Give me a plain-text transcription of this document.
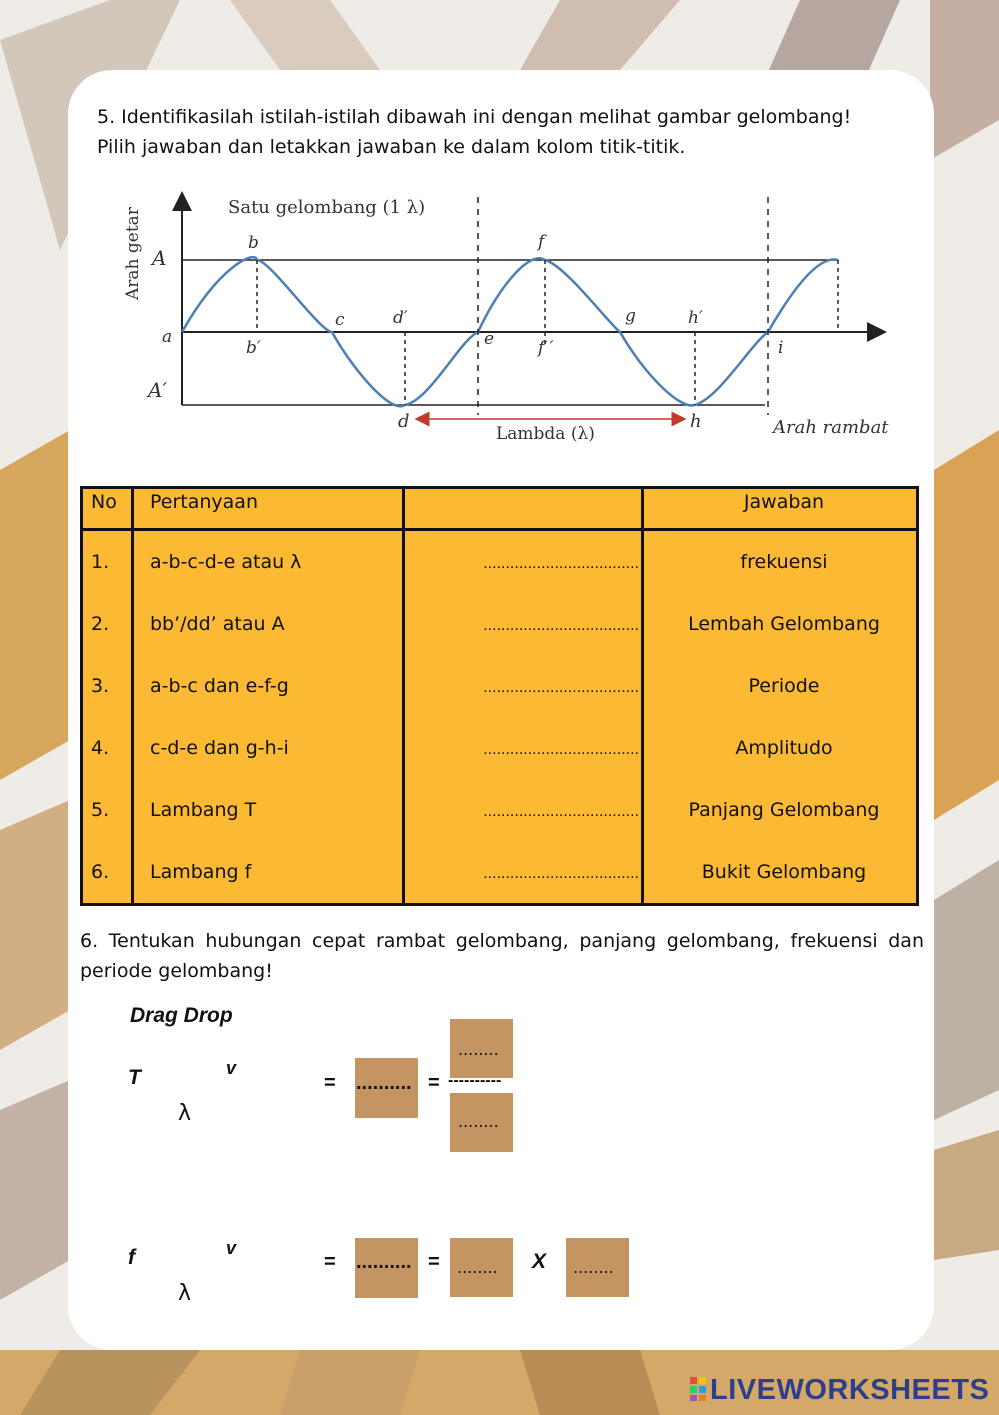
5. Identifikasilah istilah-istilah dibawah ini dengan melihat gambar gelombang!
Pilih jawaban dan letakkan jawaban ke dalam kolom titik-titik.

Arah getar	Satu gelombang (1 λ)
A
a
A′
b
b′
c	d′
d
e
f
f ′
g	h′
h
i
Lambda (λ)	Arah rambat
No	Pertanyaan		Jawaban
1.	a-b-c-d-e atau λ	...................................	frekuensi
2.	bb’/dd’ atau A	...................................	Lembah Gelombang
3.	a-b-c dan e-f-g	...................................	Periode
4.	c-d-e dan g-h-i	...................................	Amplitudo
5.	Lambang T	...................................	Panjang Gelombang
6.	Lambang f	...................................	Bukit Gelombang

6. Tentukan hubungan cepat rambat gelombang, panjang gelombang, frekuensi dan periode gelombang!

Drag Drop
T	v
λ
= .......... =
........
----------
........
f	v
λ
= .......... = ........ X ........
LIVEWORKSHEETS
